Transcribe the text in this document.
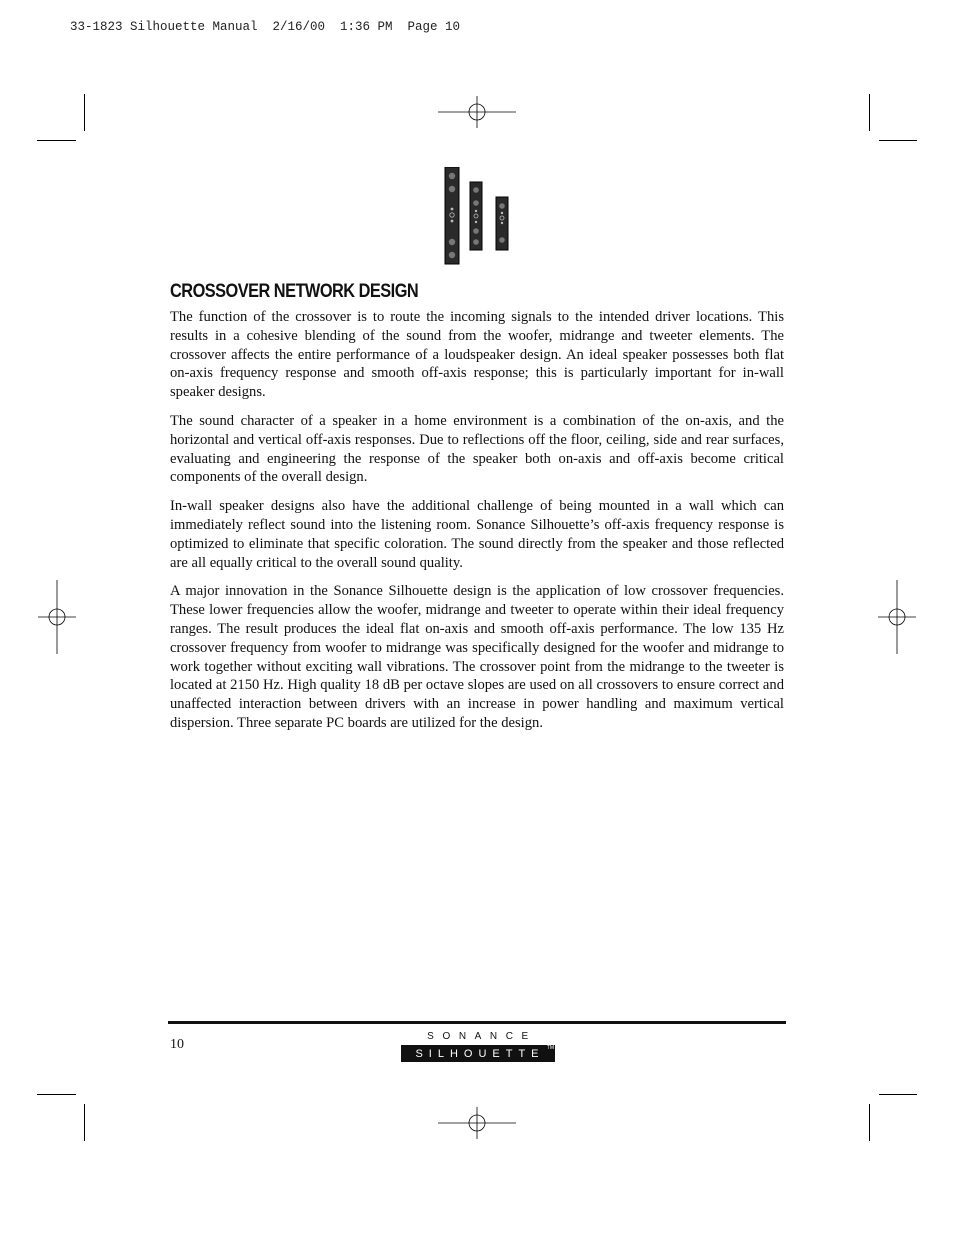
33-1823 Silhouette Manual  2/16/00  1:36 PM  Page 10
CROSSOVER NETWORK DESIGN

The function of the crossover is to route the incoming signals to the intended driver locations. This results in a cohesive blending of the sound from the woofer, midrange and tweeter elements. The crossover affects the entire performance of a loudspeaker design. An ideal speaker possesses both flat on-axis frequency response and smooth off-axis response; this is particularly important for in-wall speaker designs.

The sound character of a speaker in a home environment is a combination of the on-axis, and the horizontal and vertical off-axis responses. Due to reflections off the floor, ceiling, side and rear surfaces, evaluating and engineering the response of the speaker both on-axis and off-axis become critical components of the overall design.

In-wall speaker designs also have the additional challenge of being mounted in a wall which can immediately reflect sound into the listening room. Sonance Silhouette’s off-axis frequency response is optimized to eliminate that specific coloration. The sound directly from the speaker and those reflected are all equally critical to the overall sound quality.

A major innovation in the Sonance Silhouette design is the application of low crossover frequencies. These lower frequencies allow the woofer, midrange and tweeter to operate within their ideal frequency ranges. The result produces the ideal flat on-axis and smooth off-axis performance. The low 135 Hz crossover frequency from woofer to midrange was specifically designed for the woofer and midrange to work together without exciting wall vibrations. The crossover point from the midrange to the tweeter is located at 2150 Hz. High quality 18 dB per octave slopes are used on all crossovers to ensure correct and unaffected interaction between drivers with an increase in power handling and maximum vertical dispersion. Three separate PC boards are utilized for the design.

10
SONANCE
SILHOUETTE TM
